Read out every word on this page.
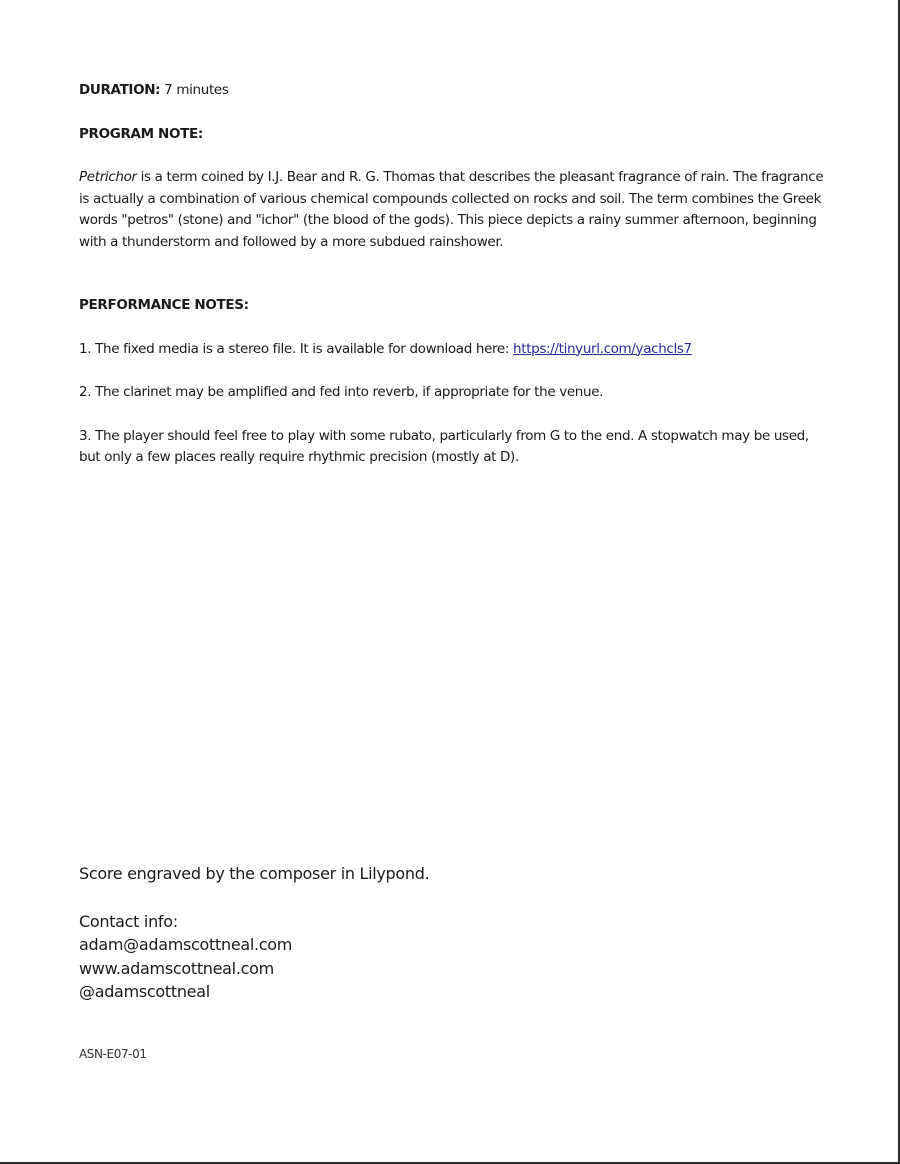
DURATION: 7 minutes

PROGRAM NOTE:

Petrichor is a term coined by I.J. Bear and R. G. Thomas that describes the pleasant fragrance of rain. The fragrance is actually a combination of various chemical compounds collected on rocks and soil. The term combines the Greek words "petros" (stone) and "ichor" (the blood of the gods). This piece depicts a rainy summer afternoon, beginning with a thunderstorm and followed by a more subdued rainshower.

PERFORMANCE NOTES:

1. The fixed media is a stereo file. It is available for download here: https://tinyurl.com/yachcls7

2. The clarinet may be amplified and fed into reverb, if appropriate for the venue.

3. The player should feel free to play with some rubato, particularly from G to the end. A stopwatch may be used, but only a few places really require rhythmic precision (mostly at D).

Score engraved by the composer in Lilypond.

Contact info:

adam@adamscottneal.com

www.adamscottneal.com

@adamscottneal

ASN-E07-01
